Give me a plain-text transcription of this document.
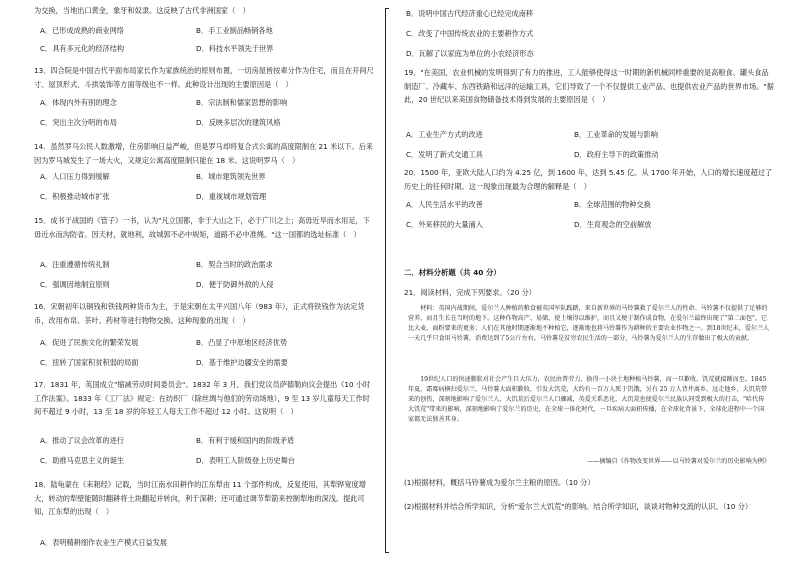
为交换，当地出口黄金，象牙和奴隶。这反映了古代非洲国家（　）

A．已形成成熟的商业网络	B．手工业制品畅销各地
C．具有多元化的经济结构	D．科技水平领先于世界

13．四合院是中国古代平面布局家长作为家族统治的原则布置，一切房屋皆按辈分作为住宅，而且在开间尺寸、屋顶形式、斗拱装饰等方面等级也不一样。此种设计出现的主要原因是（　）

A．体现内外有别的理念	B．宗法制和儒家思想的影响
C．突出主次分明的布局	D．反映多层次的建筑风格

14．虽然罗马公民人数激增，住房影响日益严峻，但是罗马却将复合式公寓的高度限制在 21 米以下。后来因为罗马城发生了一场大火，又规定公寓高度限制只能在 18 米。这说明罗马（　）

A．人口压力得到缓解	B．城市建筑领先世界
C．积极推动城市扩张	D．重视城市规划管理

15．成书于战国的《管子》一书，认为"凡立国都，非于大山之下，必于广川之上；高毋近旱而水用足，下毋近水而沟防省。因天材，就地利，故城郭不必中规矩，道路不必中准绳。"这一国都的选址标准（　）

A．注重遵循传统礼制	B．契合当时的政治需求
C．强调因地制宜原则	D．便于防御外敌的入侵

16．宋朝初年以铜钱和铁钱两种货币为主，于是宋朝在太平兴国八年（983 年），正式将铁钱作为法定货币，改用布帛、茶叶、药材等进行物物交换。这种现象的出现（　）

A．促进了民族文化的繁荣发展	B．凸显了中原地区经济优势
C．扭转了国家积贫积弱的局面	D．基于维护边疆安全的需要

17．1831 年，英国成立"缩减劳动时间委员会"。1832 年 3 月，我们党议员萨德勒向议会提出《10 小时工作法案》。1833 年《工厂法》规定：在纺织厂（除丝绸与他们的劳动场地），9 至 13 岁儿童每天工作时间不超过 9 小时，13 至 18 岁的年轻工人每天工作不超过 12 小时。这说明（　）

A．推动了议会改革的进行	B．有利于缓和国内的阶级矛盾
C．助推马克思主义的诞生	D．表明工人阶级登上历史舞台

18．陆龟蒙在《耒耜经》记载，当时江南水田耕作的江东犁由 11 个部件构成，反复使用，其犁铧宽度增大，转动的犁壁能随时翻耕将土块翻起并转向，利于深耕；还可通过调节犁箭来控制犁地的深浅。提此可知，江东犁的出现（　）

A．表明精耕细作农业生产模式日益发展
B．说明中国古代经济重心已经完成南移
C．改变了中国传统农业的主要耕作方式
D．瓦解了以家庭为单位的小农经济形态

19．"在美国，农业机械的发明得到了有力的推进，工人能够使得这一时期的新机械同样重要的是高粮食、罐头食品制造厂、冷藏车、东西铁路和远洋的运输工具，它们导致了一个不仅提供工业产品、也提供农业产品的世界市场。"据此，20 世纪以来美国食物储备技术得到发展的主要原因是（　）

A．工业生产方式的改进	B．工业革命的发展与影响
C．发明了新式交通工具	D．政府主导下的政策推动

20．1500 年，亚欧大陆人口约为 4.25 亿，到 1600 年，达到 5.45 亿。从 1700 年开始，人口的增长速度超过了历史上的任何时期。这一现象出现最为合理的解释是（　）

A．人民生活水平的改善	B．全球范围的物种交换
C．外来移民的大量涌入	D．生育观念的空前解放
二．材料分析题（共 40 分）
21．阅读材料，完成下列要求。（20 分）

材料：英国内战期间，爱尔兰人种植的粮食被英国军队践踏，来自新世界的马铃薯救了爱尔兰人的性命。马铃薯不仅提供了足够的营养，而且生长在当时的地下。这种作物高产、易储，使土壤得以维护，而且又便于制作成食物，在爱尔兰最终出现了"第二面包"，它比大麦、面粉要来的更多；人们在其他时期逐渐地不种植它，逐渐地也将马铃薯作为耕种的主要农业作物之一。到18世纪末，爱尔兰人一天几乎只食用马铃薯，消费达到了5公斤左右。马铃薯是贫穷农民生活的一部分，马铃薯为爱尔兰人的生存做出了极大的贡献。

19世纪人口的快速膨胀对社会产生巨大压力，农民由普劳力，换得一小块土地种植马铃薯，而一旦歉收，饥荒就接踵而至。1845 年夏，霜霉病横扫爱尔兰，马铃薯大面积歉收，引发大饥荒，大约有一百万人死于饥饿，另有 25 万人背井离乡，远走他乡，大饥荒带来的创伤，深刻地影响了爱尔兰人，大饥荒后爱尔兰人口骤减，英爱关系恶化，大饥荒也使爱尔兰民族认同受到极大的打击，"哈代传大饥荒"带来的影响，深刻地影响了爱尔兰的历史，在全球一体化时代，一旦疾病大面积传播，在全球化背景下，全球化进程中一个国家都无法独善其身。

——摘编自《作物改变世界——以马铃薯对爱尔兰的历史影响为例》

(1)根据材料，概括马铃薯成为爱尔兰主粮的原因。（10 分）

(2)根据材料并结合所学知识，分析"爱尔兰大饥荒"的影响。结合所学知识，谈谈对物种交流的认识。（10 分）
